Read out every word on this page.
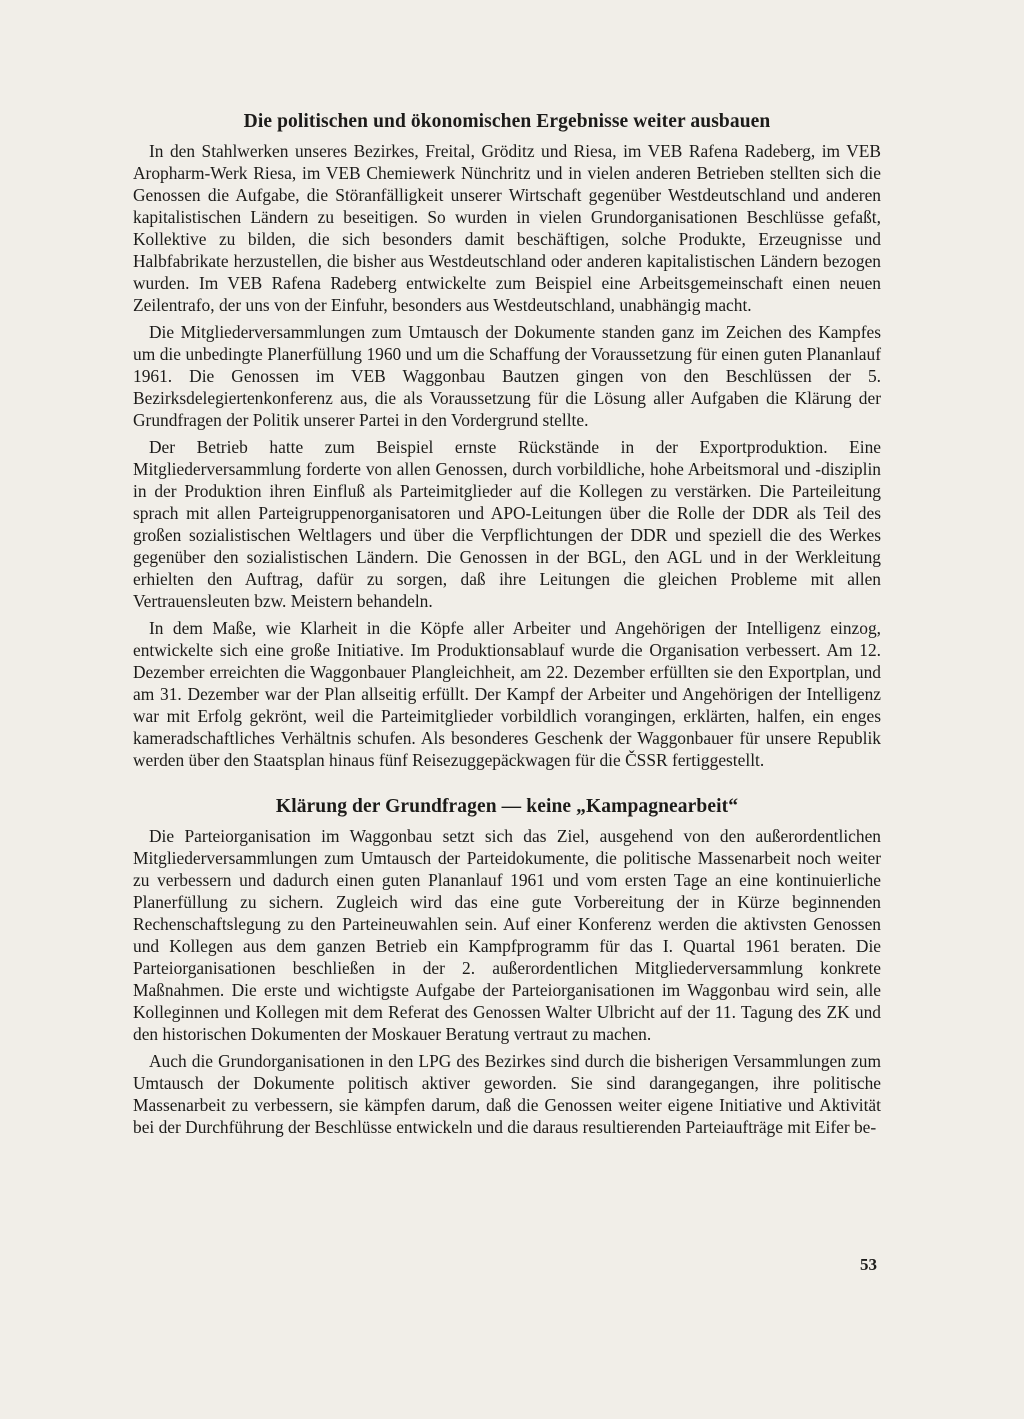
Die politischen und ökonomischen Ergebnisse weiter ausbauen

In den Stahlwerken unseres Bezirkes, Freital, Gröditz und Riesa, im VEB Rafena Radeberg, im VEB Aropharm-Werk Riesa, im VEB Chemiewerk Nünchritz und in vielen anderen Betrieben stellten sich die Genossen die Aufgabe, die Störanfälligkeit unserer Wirtschaft gegenüber Westdeutschland und anderen kapitalistischen Ländern zu beseitigen. So wurden in vielen Grundorganisationen Beschlüsse gefaßt, Kollektive zu bilden, die sich besonders damit beschäftigen, solche Produkte, Erzeugnisse und Halbfabrikate herzustellen, die bisher aus Westdeutschland oder anderen kapitalistischen Ländern bezogen wurden. Im VEB Rafena Radeberg entwickelte zum Beispiel eine Arbeitsgemeinschaft einen neuen Zeilentrafo, der uns von der Einfuhr, besonders aus Westdeutschland, unabhängig macht.

Die Mitgliederversammlungen zum Umtausch der Dokumente standen ganz im Zeichen des Kampfes um die unbedingte Planerfüllung 1960 und um die Schaffung der Voraussetzung für einen guten Plananlauf 1961. Die Genossen im VEB Waggonbau Bautzen gingen von den Beschlüssen der 5. Bezirksdelegiertenkonferenz aus, die als Voraussetzung für die Lösung aller Aufgaben die Klärung der Grundfragen der Politik unserer Partei in den Vordergrund stellte.

Der Betrieb hatte zum Beispiel ernste Rückstände in der Exportproduktion. Eine Mitgliederversammlung forderte von allen Genossen, durch vorbildliche, hohe Arbeitsmoral und -disziplin in der Produktion ihren Einfluß als Parteimitglieder auf die Kollegen zu verstärken. Die Parteileitung sprach mit allen Parteigruppenorganisatoren und APO-Leitungen über die Rolle der DDR als Teil des großen sozialistischen Weltlagers und über die Verpflichtungen der DDR und speziell die des Werkes gegenüber den sozialistischen Ländern. Die Genossen in der BGL, den AGL und in der Werkleitung erhielten den Auftrag, dafür zu sorgen, daß ihre Leitungen die gleichen Probleme mit allen Vertrauensleuten bzw. Meistern behandeln.

In dem Maße, wie Klarheit in die Köpfe aller Arbeiter und Angehörigen der Intelligenz einzog, entwickelte sich eine große Initiative. Im Produktionsablauf wurde die Organisation verbessert. Am 12. Dezember erreichten die Waggonbauer Plangleichheit, am 22. Dezember erfüllten sie den Exportplan, und am 31. Dezember war der Plan allseitig erfüllt. Der Kampf der Arbeiter und Angehörigen der Intelligenz war mit Erfolg gekrönt, weil die Parteimitglieder vorbildlich vorangingen, erklärten, halfen, ein enges kameradschaftliches Verhältnis schufen. Als besonderes Geschenk der Waggonbauer für unsere Republik werden über den Staatsplan hinaus fünf Reisezuggepäckwagen für die ČSSR fertiggestellt.

Klärung der Grundfragen — keine „Kampagnearbeit“

Die Parteiorganisation im Waggonbau setzt sich das Ziel, ausgehend von den außerordentlichen Mitgliederversammlungen zum Umtausch der Parteidokumente, die politische Massenarbeit noch weiter zu verbessern und dadurch einen guten Plananlauf 1961 und vom ersten Tage an eine kontinuierliche Planerfüllung zu sichern. Zugleich wird das eine gute Vorbereitung der in Kürze beginnenden Rechenschaftslegung zu den Parteineuwahlen sein. Auf einer Konferenz werden die aktivsten Genossen und Kollegen aus dem ganzen Betrieb ein Kampfprogramm für das I. Quartal 1961 beraten. Die Parteiorganisationen beschließen in der 2. außerordentlichen Mitgliederversammlung konkrete Maßnahmen. Die erste und wichtigste Aufgabe der Parteiorganisationen im Waggonbau wird sein, alle Kolleginnen und Kollegen mit dem Referat des Genossen Walter Ulbricht auf der 11. Tagung des ZK und den historischen Dokumenten der Moskauer Beratung vertraut zu machen.

Auch die Grundorganisationen in den LPG des Bezirkes sind durch die bisherigen Versammlungen zum Umtausch der Dokumente politisch aktiver geworden. Sie sind darangegangen, ihre politische Massenarbeit zu verbessern, sie kämpfen darum, daß die Genossen weiter eigene Initiative und Aktivität bei der Durchführung der Beschlüsse entwickeln und die daraus resultierenden Parteiaufträge mit Eifer be-

53
